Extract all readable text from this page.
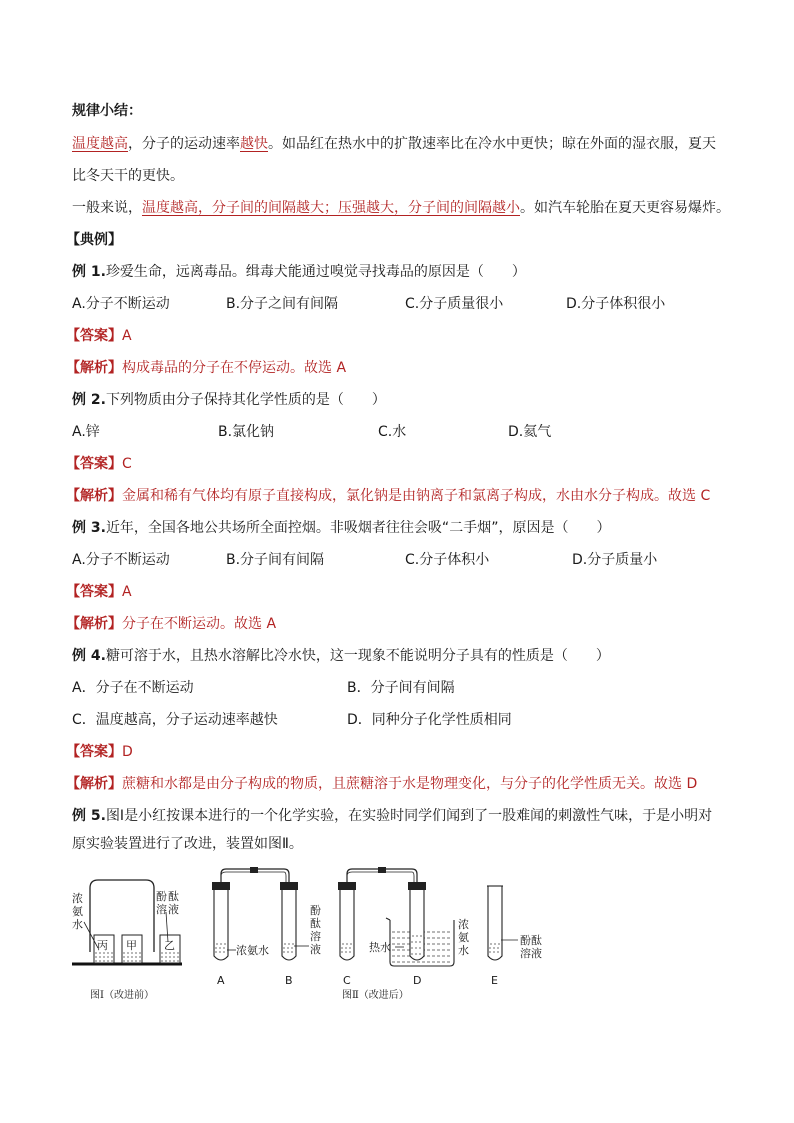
规律小结：
温度越高，分子的运动速率越快。如品红在热水中的扩散速率比在冷水中更快；晾在外面的湿衣服，夏天
比冬天干的更快。
一般来说，温度越高，分子间的间隔越大；压强越大，分子间的间隔越小。如汽车轮胎在夏天更容易爆炸。
【典例】
例 1.珍爱生命，远离毒品。缉毒犬能通过嗅觉寻找毒品的原因是（　　）
A.分子不断运动	B.分子之间有间隔	C.分子质量很小	D.分子体积很小
【答案】A
【解析】构成毒品的分子在不停运动。故选 A
例 2.下列物质由分子保持其化学性质的是（　　）
A.锌	B.氯化钠	C.水	D.氦气
【答案】C
【解析】金属和稀有气体均有原子直接构成，氯化钠是由钠离子和氯离子构成，水由水分子构成。故选 C
例 3.近年，全国各地公共场所全面控烟。非吸烟者往往会吸“二手烟”，原因是（　　）
A.分子不断运动	B.分子间有间隔	C.分子体积小	D.分子质量小
【答案】A
【解析】分子在不断运动。故选 A
例 4.糖可溶于水，且热水溶解比冷水快，这一现象不能说明分子具有的性质是（　　）
A．分子在不断运动	B．分子间有间隔
C．温度越高，分子运动速率越快	D．同种分子化学性质相同
【答案】D
【解析】蔗糖和水都是由分子构成的物质，且蔗糖溶于水是物理变化，与分子的化学性质无关。故选 D
例 5.图Ⅰ是小红按课本进行的一个化学实验，在实验时同学们闻到了一股难闻的刺激性气味，于是小明对
原实验装置进行了改进，装置如图Ⅱ。
丙 甲 乙
浓
氨
水
酚 酞
溶 液
图Ⅰ（改进前）
浓氨水
酚
酞
溶
液
A	B
热水
浓
氨
水
酚酞
溶液
C	D	E
图Ⅱ（改进后）
